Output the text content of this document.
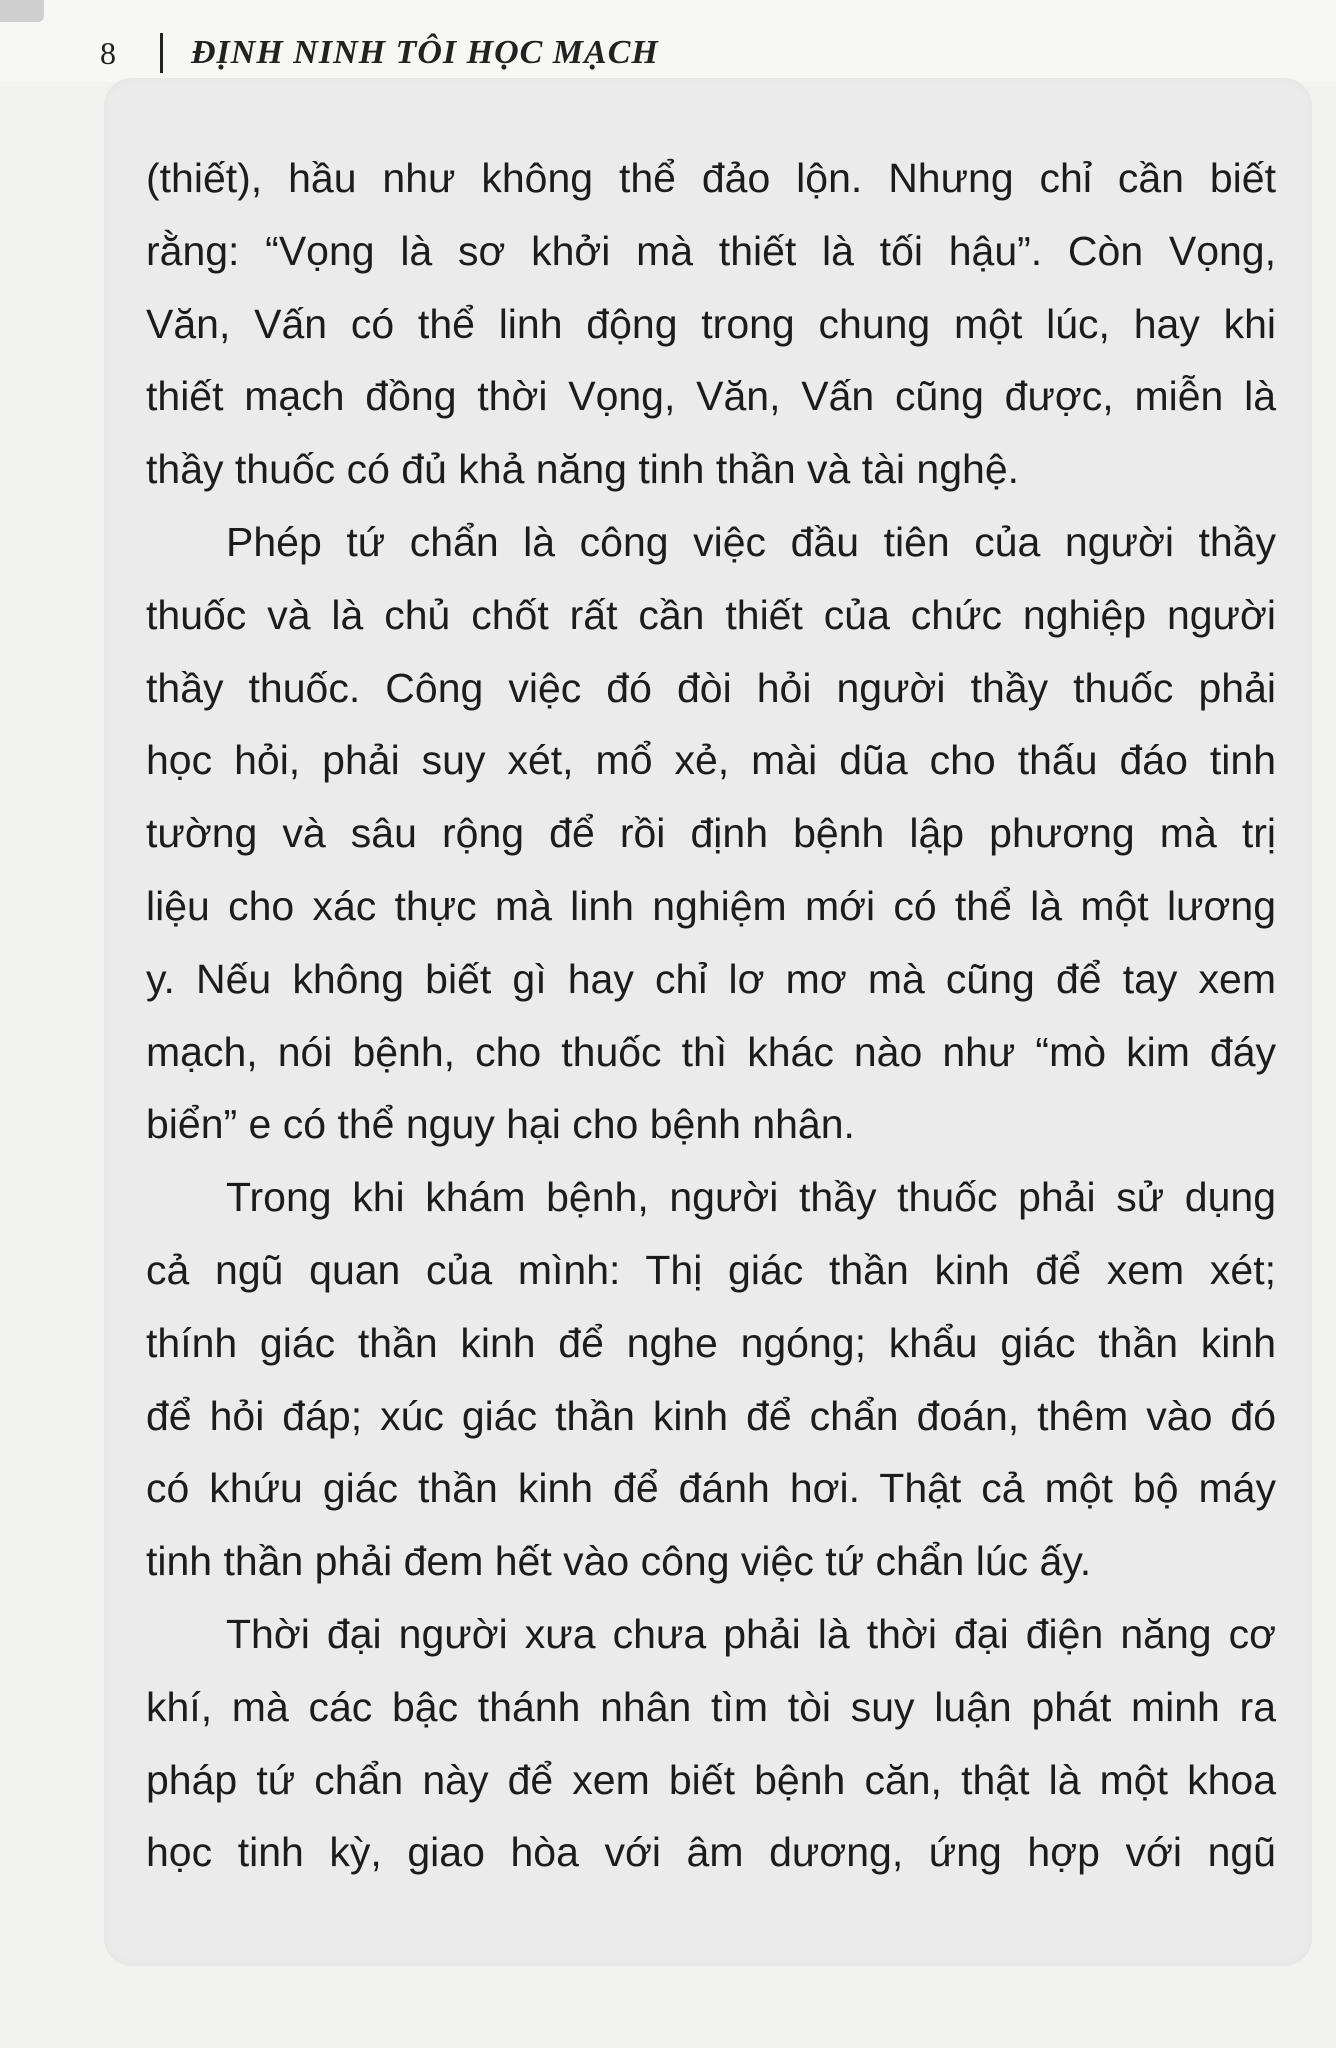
8	ĐỊNH NINH TÔI HỌC MẠCH
(thiết), hầu như không thể đảo lộn. Nhưng chỉ cần biết
rằng: “Vọng là sơ khởi mà thiết là tối hậu”. Còn Vọng,
Văn, Vấn có thể linh động trong chung một lúc, hay khi
thiết mạch đồng thời Vọng, Văn, Vấn cũng được, miễn là
thầy thuốc có đủ khả năng tinh thần và tài nghệ.
Phép tứ chẩn là công việc đầu tiên của người thầy
thuốc và là chủ chốt rất cần thiết của chức nghiệp người
thầy thuốc. Công việc đó đòi hỏi người thầy thuốc phải
học hỏi, phải suy xét, mổ xẻ, mài dũa cho thấu đáo tinh
tường và sâu rộng để rồi định bệnh lập phương mà trị
liệu cho xác thực mà linh nghiệm mới có thể là một lương
y. Nếu không biết gì hay chỉ lơ mơ mà cũng để tay xem
mạch, nói bệnh, cho thuốc thì khác nào như “mò kim đáy
biển” e có thể nguy hại cho bệnh nhân.
Trong khi khám bệnh, người thầy thuốc phải sử dụng
cả ngũ quan của mình: Thị giác thần kinh để xem xét;
thính giác thần kinh để nghe ngóng; khẩu giác thần kinh
để hỏi đáp; xúc giác thần kinh để chẩn đoán, thêm vào đó
có khứu giác thần kinh để đánh hơi. Thật cả một bộ máy
tinh thần phải đem hết vào công việc tứ chẩn lúc ấy.
Thời đại người xưa chưa phải là thời đại điện năng cơ
khí, mà các bậc thánh nhân tìm tòi suy luận phát minh ra
pháp tứ chẩn này để xem biết bệnh căn, thật là một khoa
học tinh kỳ, giao hòa với âm dương, ứng hợp với ngũ
